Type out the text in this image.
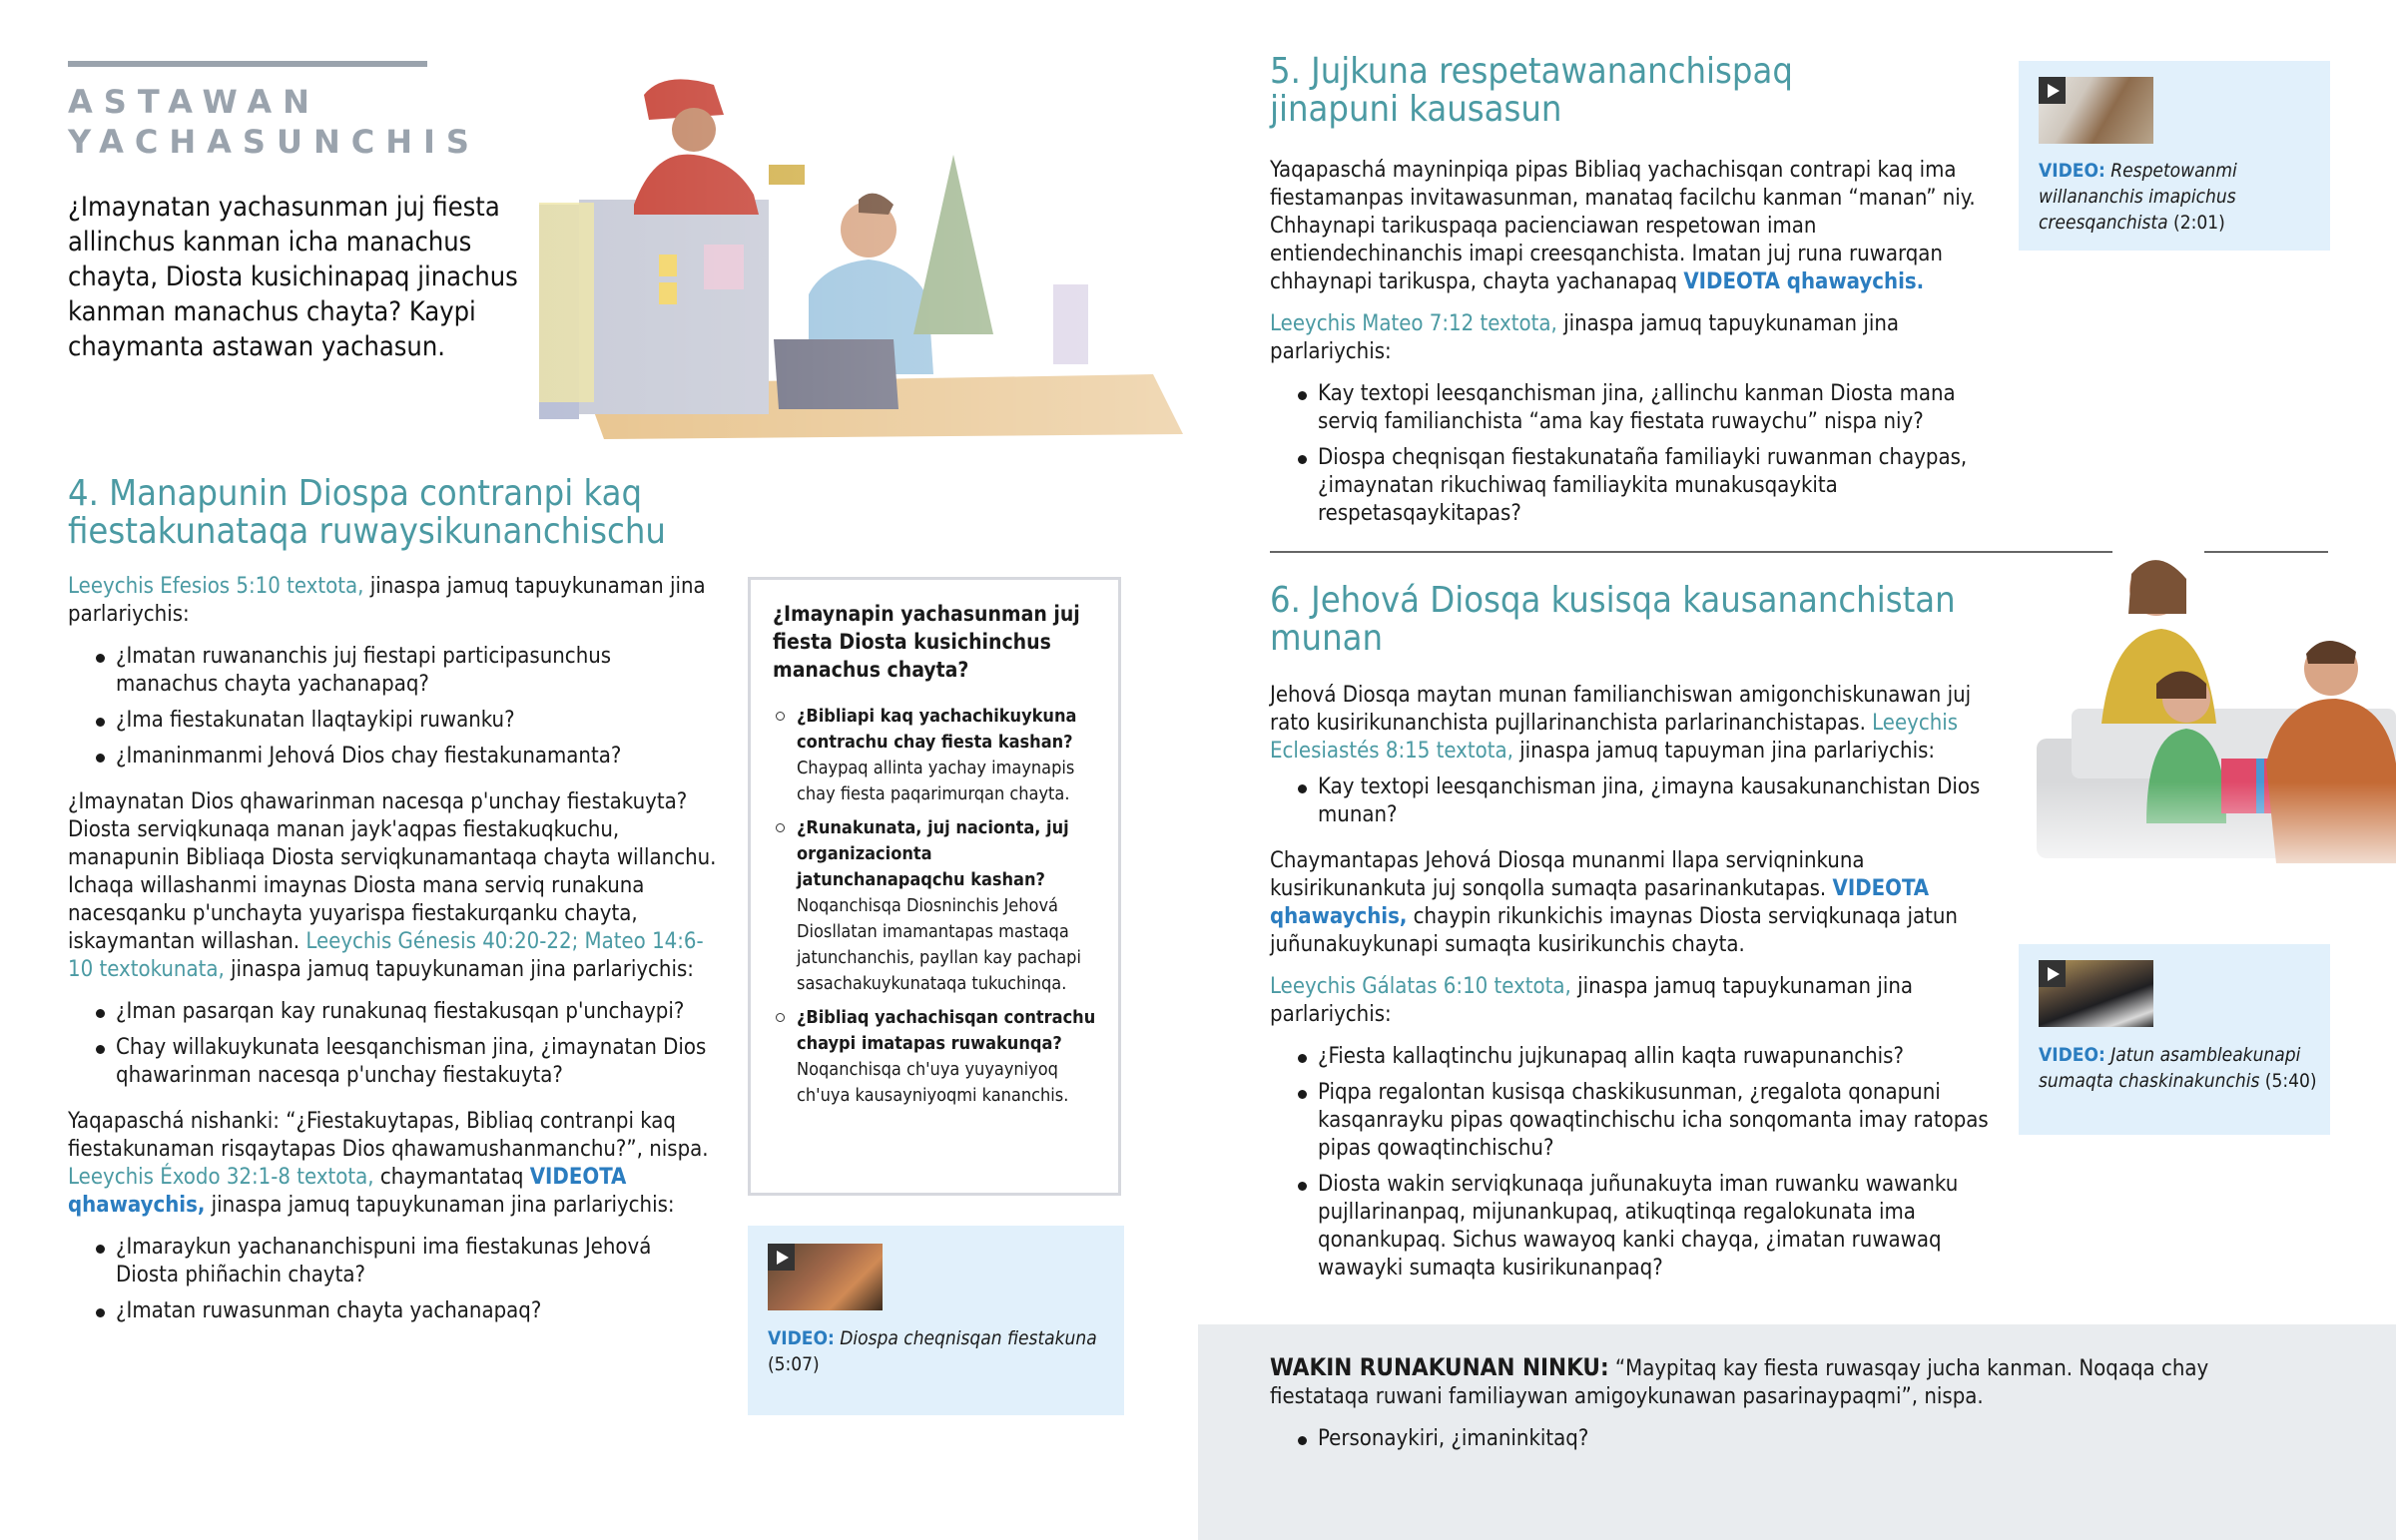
ASTAWAN
YACHASUNCHIS
¿Imaynatan yachasunman juj fiesta allinchus kanman icha manachus chayta, Diosta kusichinapaq jinachus kanman manachus chayta? Kaypi chaymanta astawan yachasun.
4. Manapunin Diospa contranpi kaq fiestakunataqa ruwaysikunanchischu

Leeychis Efesios 5:10 textota, jinaspa jamuq tapuykunaman jina parlariychis:

¿Imatan ruwananchis juj fiestapi participasunchus manachus chayta yachanapaq?
¿Ima fiestakunatan llaqtaykipi ruwanku?
¿Imaninmanmi Jehová Dios chay fiestakunamanta?

¿Imaynatan Dios qhawarinman nacesqa p'unchay fiestakuyta? Diosta serviqkunaqa manan jayk'aqpas fiestakuqkuchu, manapunin Bibliaqa Diosta serviqkunamantaqa chayta willanchu. Ichaqa willashanmi imaynas Diosta mana serviq runakuna nacesqanku p'unchayta yuyarispa fiestakurqanku chayta, iskaymantan willashan. Leeychis Génesis 40:20-22; Mateo 14:6-10 textokunata, jinaspa jamuq tapuykunaman jina parlariychis:

¿Iman pasarqan kay runakunaq fiestakusqan p'unchaypi?
Chay willakuykunata leesqanchisman jina, ¿imaynatan Dios qhawarinman nacesqa p'unchay fiestakuyta?

Yaqapaschá nishanki: “¿Fiestakuytapas, Bibliaq contranpi kaq fiestakunaman risqaytapas Dios qhawamushanmanchu?”, nispa. Leeychis Éxodo 32:1-8 textota, chaymantataq VIDEOTA qhawaychis, jinaspa jamuq tapuykunaman jina parlariychis:

¿Imaraykun yachananchispuni ima fiestakunas Jehová Diosta phiñachin chayta?
¿Imatan ruwasunman chayta yachanapaq?
¿Imaynapin yachasunman juj fiesta Diosta kusichinchus manachus chayta?
¿Bibliapi kaq yachachikuykuna contrachu chay fiesta kashan? Chaypaq allinta yachay imaynapis chay fiesta paqarimurqan chayta.
¿Runakunata, juj nacionta, juj organizacionta jatunchanapaqchu kashan? Noqanchisqa Diosninchis Jehová Diosllatan imamantapas mastaqa jatunchanchis, payllan kay pachapi sasachakuykunataqa tukuchinqa.
¿Bibliaq yachachisqan contrachu chaypi imatapas ruwakunqa? Noqanchisqa ch'uya yuyayniyoq ch'uya kausayniyoqmi kananchis.
VIDEO: Diospa cheqnisqan fiestakuna (5:07)
5. Jujkuna respetawananchispaq jinapuni kausasun

Yaqapaschá mayninpiqa pipas Bibliaq yachachisqan contrapi kaq ima fiestamanpas invitawasunman, manataq facilchu kanman “manan” niy. Chhaynapi tarikuspaqa pacienciawan respetowan iman entiendechinanchis imapi creesqanchista. Imatan juj runa ruwarqan chhaynapi tarikuspa, chayta yachanapaq VIDEOTA qhawaychis.

Leeychis Mateo 7:12 textota, jinaspa jamuq tapuykunaman jina parlariychis:

Kay textopi leesqanchisman jina, ¿allinchu kanman Diosta mana serviq familianchista “ama kay fiestata ruwaychu” nispa niy?
Diospa cheqnisqan fiestakunataña familiayki ruwanman chaypas, ¿imaynatan rikuchiwaq familiaykita munakusqaykita respetasqaykitapas?
VIDEO: Respetowanmi willananchis imapichus creesqanchista (2:01)
6. Jehová Diosqa kusisqa kausananchistan munan

Jehová Diosqa maytan munan familianchiswan amigonchiskunawan juj rato kusirikunanchista pujllarinanchista parlarinanchistapas. Leeychis Eclesiastés 8:15 textota, jinaspa jamuq tapuyman jina parlariychis:

Kay textopi leesqanchisman jina, ¿imayna kausakunanchistan Dios munan?

Chaymantapas Jehová Diosqa munanmi llapa serviqninkuna kusirikunankuta juj sonqolla sumaqta pasarinankutapas. VIDEOTA qhawaychis, chaypin rikunkichis imaynas Diosta serviqkunaqa jatun juñunakuykunapi sumaqta kusirikunchis chayta.

Leeychis Gálatas 6:10 textota, jinaspa jamuq tapuykunaman jina parlariychis:

¿Fiesta kallaqtinchu jujkunapaq allin kaqta ruwapunanchis?
Piqpa regalontan kusisqa chaskikusunman, ¿regalota qonapuni kasqanrayku pipas qowaqtinchischu icha sonqomanta imay ratopas pipas qowaqtinchischu?
Diosta wakin serviqkunaqa juñunakuyta iman ruwanku wawanku pujllarinanpaq, mijunankupaq, atikuqtinqa regalokunata ima qonankupaq. Sichus wawayoq kanki chayqa, ¿imatan ruwawaq wawayki sumaqta kusirikunanpaq?
VIDEO: Jatun asambleakunapi sumaqta chaskinakunchis (5:40)

WAKIN RUNAKUNAN NINKU: “Maypitaq kay fiesta ruwasqay jucha kanman. Noqaqa chay fiestataqa ruwani familiaywan amigoykunawan pasarinaypaqmi”, nispa.

Personaykiri, ¿imaninkitaq?
